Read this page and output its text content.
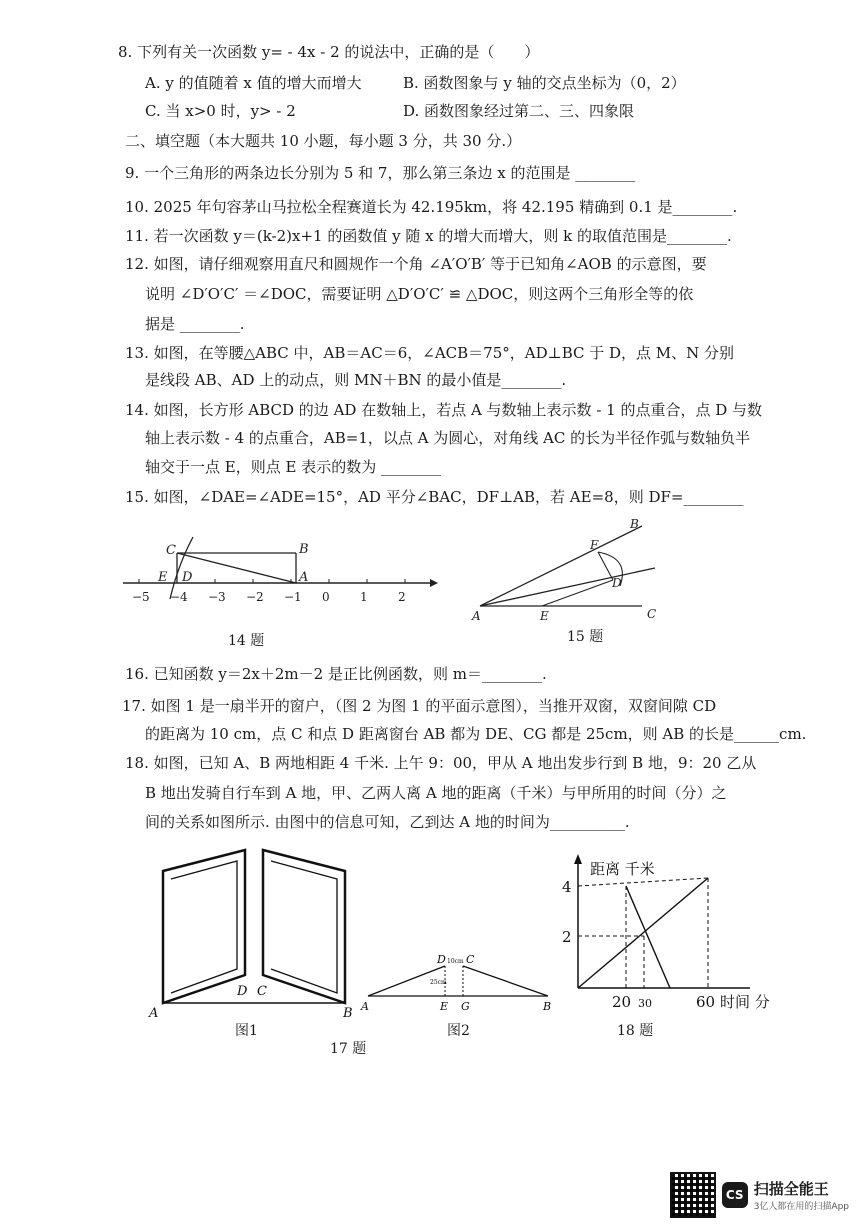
8. 下列有关一次函数 y= - 4x - 2 的说法中，正确的是（　　）
A. y 的值随着 x 值的增大而增大	B. 函数图象与 y 轴的交点坐标为（0，2）
C. 当 x>0 时，y> - 2	D. 函数图象经过第二、三、四象限
二、填空题（本大题共 10 小题，每小题 3 分，共 30 分.）
9. 一个三角形的两条边长分别为 5 和 7，那么第三条边 x 的范围是 ________
10. 2025 年句容茅山马拉松全程赛道长为 42.195km，将 42.195 精确到 0.1 是________.
11. 若一次函数 y＝(k-2)x+1 的函数值 y 随 x 的增大而增大，则 k 的取值范围是________.
12. 如图，请仔细观察用直尺和圆规作一个角 ∠A′O′B′ 等于已知角∠AOB 的示意图，要
说明 ∠D′O′C′ ＝∠DOC，需要证明 △D′O′C′ ≌ △DOC，则这两个三角形全等的依
据是 ________.
13. 如图，在等腰△ABC 中，AB＝AC＝6，∠ACB＝75°，AD⊥BC 于 D，点 M、N 分别
是线段 AB、AD 上的动点，则 MN＋BN 的最小值是________.
14. 如图，长方形 ABCD 的边 AD 在数轴上，若点 A 与数轴上表示数 - 1 的点重合，点 D 与数
轴上表示数 - 4 的点重合，AB=1，以点 A 为圆心，对角线 AC 的长为半径作弧与数轴负半
轴交于一点 E，则点 E 表示的数为 ________
15. 如图，∠DAE=∠ADE=15°，AD 平分∠BAC，DF⊥AB，若 AE=8，则 DF=________
C	B
E D	A
−5 −4 −3 −2 −1 0	1	2
14 题
B
F
D
A	E	C
15 题
16. 已知函数 y＝2x＋2m－2 是正比例函数，则 m＝________.
17. 如图 1 是一扇半开的窗户，（图 2 为图 1 的平面示意图），当推开双窗，双窗间隙 CD
的距离为 10 cm，点 C 和点 D 距离窗台 AB 都为 DE、CG 都是 25cm，则 AB 的长是______cm.
18. 如图，已知 A、B 两地相距 4 千米. 上午 9：00，甲从 A 地出发步行到 B 地，9：20 乙从
B 地出发骑自行车到 A 地，甲、乙两人离 A 地的距离（千米）与甲所用的时间（分）之
间的关系如图所示. 由图中的信息可知，乙到达 A 地的时间为__________.
A
D C
B
图1
D C
A	E G	B
10cm
25cm
图2
17 题
距离 千米
4
2
20 30	60 时间 分
18 题
CS 扫描全能王
3亿人都在用的扫描App
